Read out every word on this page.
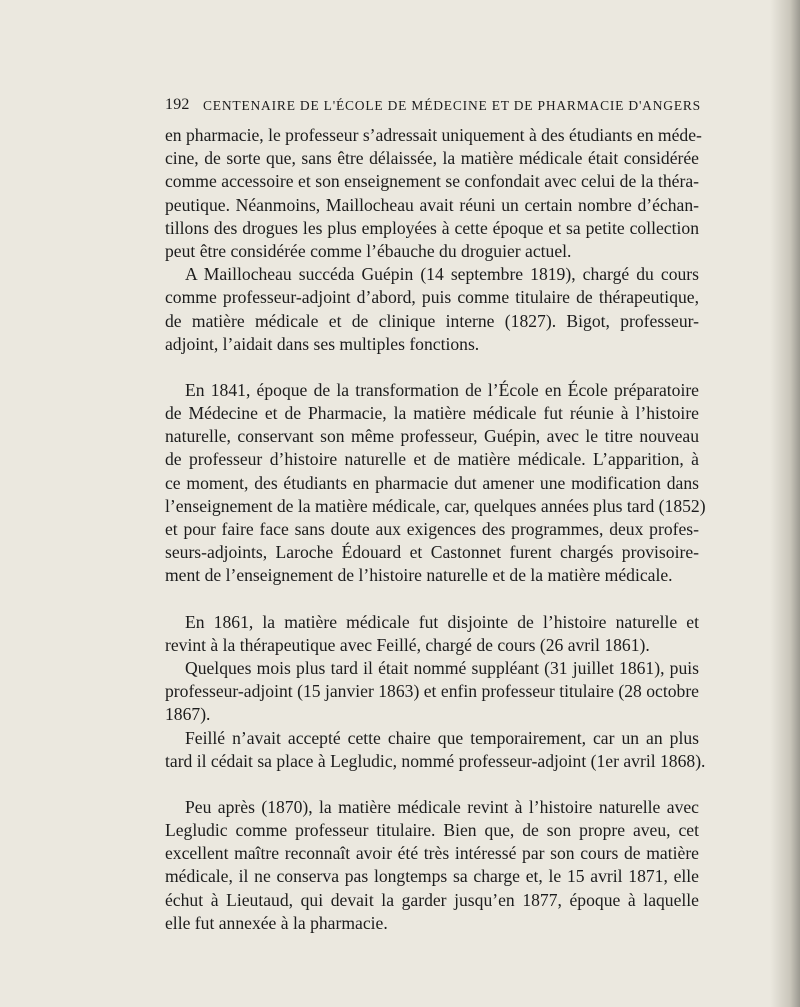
192 CENTENAIRE DE L'ÉCOLE DE MÉDECINE ET DE PHARMACIE D'ANGERS
en pharmacie, le professeur s’adressait uniquement à des étudiants en méde-
cine, de sorte que, sans être délaissée, la matière médicale était considérée
comme accessoire et son enseignement se confondait avec celui de la théra-
peutique. Néanmoins, Maillocheau avait réuni un certain nombre d’échan-
tillons des drogues les plus employées à cette époque et sa petite collection
peut être considérée comme l’ébauche du droguier actuel.
A Maillocheau succéda Guépin (14 septembre 1819), chargé du cours
comme professeur-adjoint d’abord, puis comme titulaire de thérapeutique,
de matière médicale et de clinique interne (1827). Bigot, professeur-
adjoint, l’aidait dans ses multiples fonctions.
En 1841, époque de la transformation de l’École en École préparatoire
de Médecine et de Pharmacie, la matière médicale fut réunie à l’histoire
naturelle, conservant son même professeur, Guépin, avec le titre nouveau
de professeur d’histoire naturelle et de matière médicale. L’apparition, à
ce moment, des étudiants en pharmacie dut amener une modification dans
l’enseignement de la matière médicale, car, quelques années plus tard (1852)
et pour faire face sans doute aux exigences des programmes, deux profes-
seurs-adjoints, Laroche Édouard et Castonnet furent chargés provisoire-
ment de l’enseignement de l’histoire naturelle et de la matière médicale.
En 1861, la matière médicale fut disjointe de l’histoire naturelle et
revint à la thérapeutique avec Feillé, chargé de cours (26 avril 1861).
Quelques mois plus tard il était nommé suppléant (31 juillet 1861), puis
professeur-adjoint (15 janvier 1863) et enfin professeur titulaire (28 octobre
1867).
Feillé n’avait accepté cette chaire que temporairement, car un an plus
tard il cédait sa place à Legludic, nommé professeur-adjoint (1er avril 1868).
Peu après (1870), la matière médicale revint à l’histoire naturelle avec
Legludic comme professeur titulaire. Bien que, de son propre aveu, cet
excellent maître reconnaît avoir été très intéressé par son cours de matière
médicale, il ne conserva pas longtemps sa charge et, le 15 avril 1871, elle
échut à Lieutaud, qui devait la garder jusqu’en 1877, époque à laquelle
elle fut annexée à la pharmacie.
